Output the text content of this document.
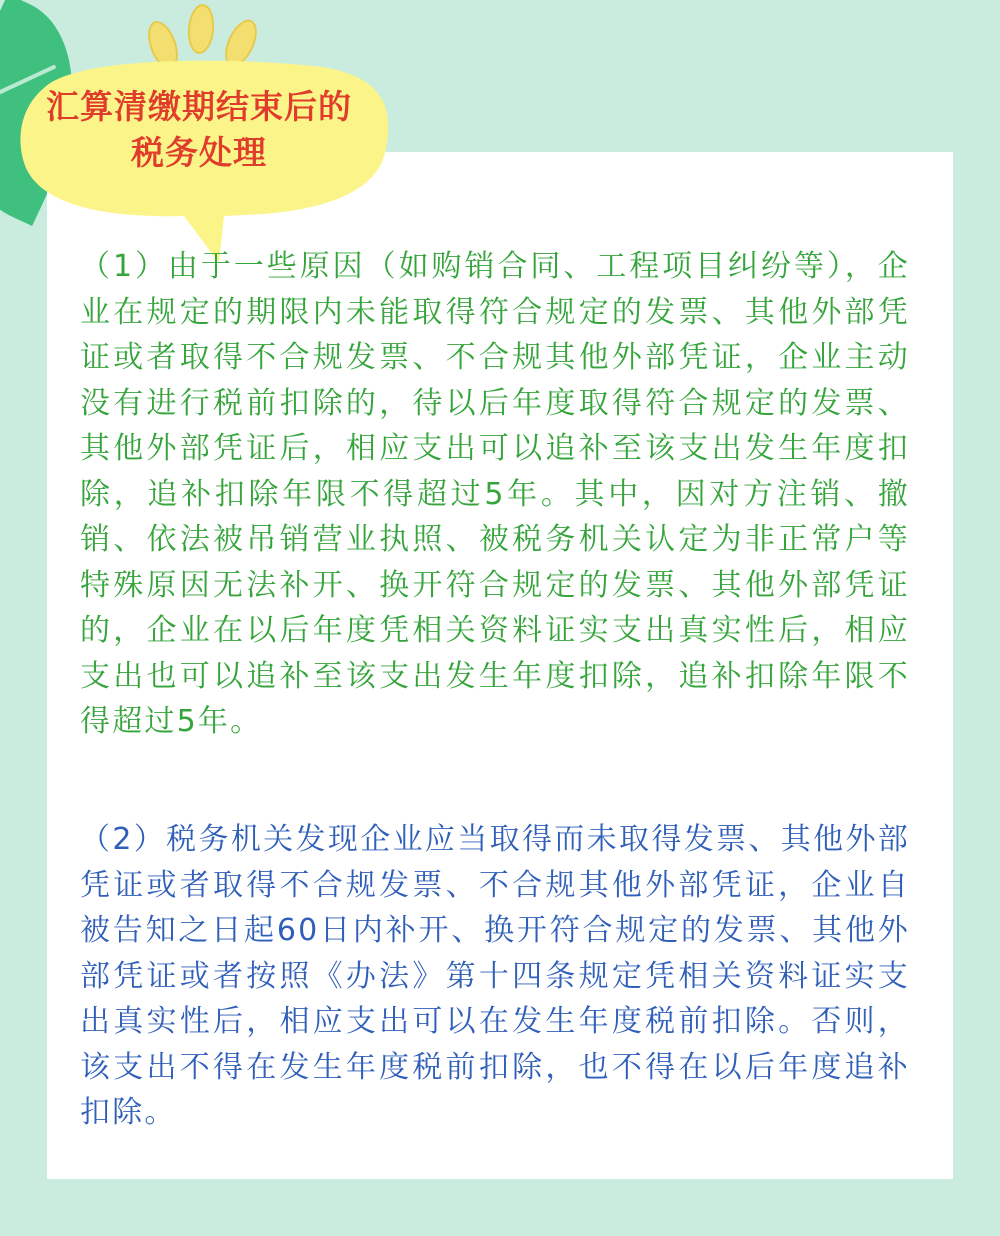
汇算清缴期结束后的
税务处理
（1）由于一些原因（如购销合同、工程项目纠纷等），企业在规定的期限内未能取得符合规定的发票、其他外部凭证或者取得不合规发票、不合规其他外部凭证，企业主动没有进行税前扣除的，待以后年度取得符合规定的发票、其他外部凭证后，相应支出可以追补至该支出发生年度扣除，追补扣除年限不得超过5年。其中，因对方注销、撤销、依法被吊销营业执照、被税务机关认定为非正常户等特殊原因无法补开、换开符合规定的发票、其他外部凭证的，企业在以后年度凭相关资料证实支出真实性后，相应支出也可以追补至该支出发生年度扣除，追补扣除年限不得超过5年。
（2）税务机关发现企业应当取得而未取得发票、其他外部凭证或者取得不合规发票、不合规其他外部凭证，企业自被告知之日起60日内补开、换开符合规定的发票、其他外部凭证或者按照《办法》第十四条规定凭相关资料证实支出真实性后，相应支出可以在发生年度税前扣除。否则，该支出不得在发生年度税前扣除，也不得在以后年度追补扣除。
